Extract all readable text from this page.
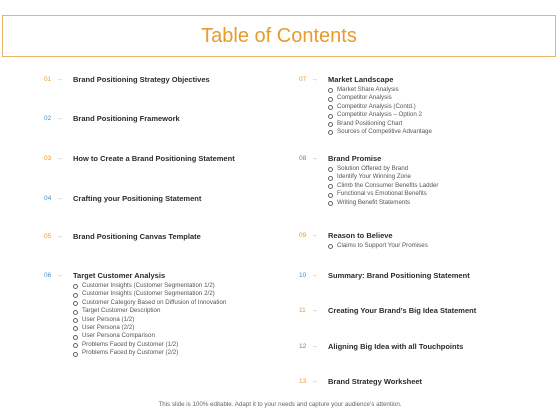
Table of Contents
01 →	Brand Positioning Strategy Objectives
02 →	Brand Positioning Framework
03 →	How to Create a Brand Positioning Statement
04 →	Crafting your Positioning Statement
05 →	Brand Positioning Canvas Template
06 →	Target Customer Analysis
Customer Insights (Customer Segmentation 1/2)
Customer Insights (Customer Segmentation 2/2)
Customer Category Based on Diffusion of Innovation
Target Customer Description
User Persona (1/2)
User Persona (2/2)
User Persona Comparison
Problems Faced by Customer (1/2)
Problems Faced by Customer (2/2)
07 →	Market Landscape
Market Share Analysis
Competitor Analysis
Competitor Analysis (Contd.)
Competitor Analysis – Option 2
Brand Positioning Chart
Sources of Competitive Advantage
08 →	Brand Promise
Solution Offered by Brand
Identify Your Winning Zone
Climb the Consumer Benefits Ladder
Functional vs Emotional Benefits
Writing Benefit Statements
09 →	Reason to Believe
Claims to Support Your Promises
10 →	Summary: Brand Positioning Statement
11 →	Creating Your Brand’s Big Idea Statement
12 →	Aligning Big Idea with all Touchpoints
13 →	Brand Strategy Worksheet
This slide is 100% editable. Adapt it to your needs and capture your audience’s attention.
